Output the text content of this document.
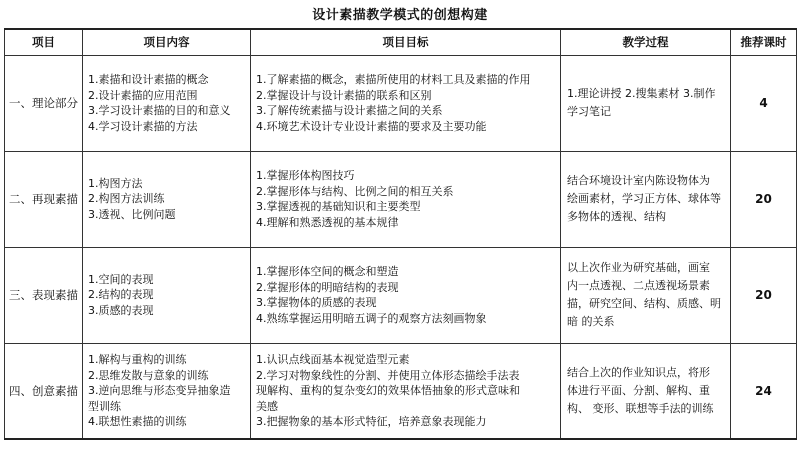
设计素描教学模式的创想构建
项目	项目内容	项目目标	教学过程	推荐课时
一、理论部分	1.素描和设计素描的概念
2.设计素描的应用范围
3.学习设计素描的目的和意义
4.学习设计素描的方法	1.了解素描的概念，素描所使用的材料工具及素描的作用
2.掌握设计与设计素描的联系和区别
3.了解传统素描与设计素描之间的关系
4.环境艺术设计专业设计素描的要求及主要功能	1.理论讲授 2.搜集素材 3.制作学习笔记	4
二、再现素描	1.构图方法
2.构图方法训练
3.透视、比例问题	1.掌握形体构图技巧
2.掌握形体与结构、比例之间的相互关系
3.掌握透视的基础知识和主要类型
4.理解和熟悉透视的基本规律	结合环境设计室内陈设物体为 绘画素材，学习正方体、球体等 多物体的透视、结构	20
三、表现素描	1.空间的表现
2.结构的表现
3.质感的表现	1.掌握形体空间的概念和塑造
2.掌握形体的明暗结构的表现
3.掌握物体的质感的表现
4.熟练掌握运用明暗五调子的观察方法刻画物象	以上次作业为研究基础，画室 内一点透视、二点透视场景素 描，研究空间、结构、质感、明暗 的关系	20
四、创意素描	1.解构与重构的训练
2.思维发散与意象的训练
3.逆向思维与形态变异抽象造
型训练
4.联想性素描的训练	1.认识点线面基本视觉造型元素
2.学习对物象线性的分割、并使用立体形态描绘手法表
现解构、重构的复杂变幻的效果体悟抽象的形式意味和
美感
3.把握物象的基本形式特征，培养意象表现能力	结合上次的作业知识点，将形 体进行平面、分割、解构、重构、 变形、联想等手法的训练	24
